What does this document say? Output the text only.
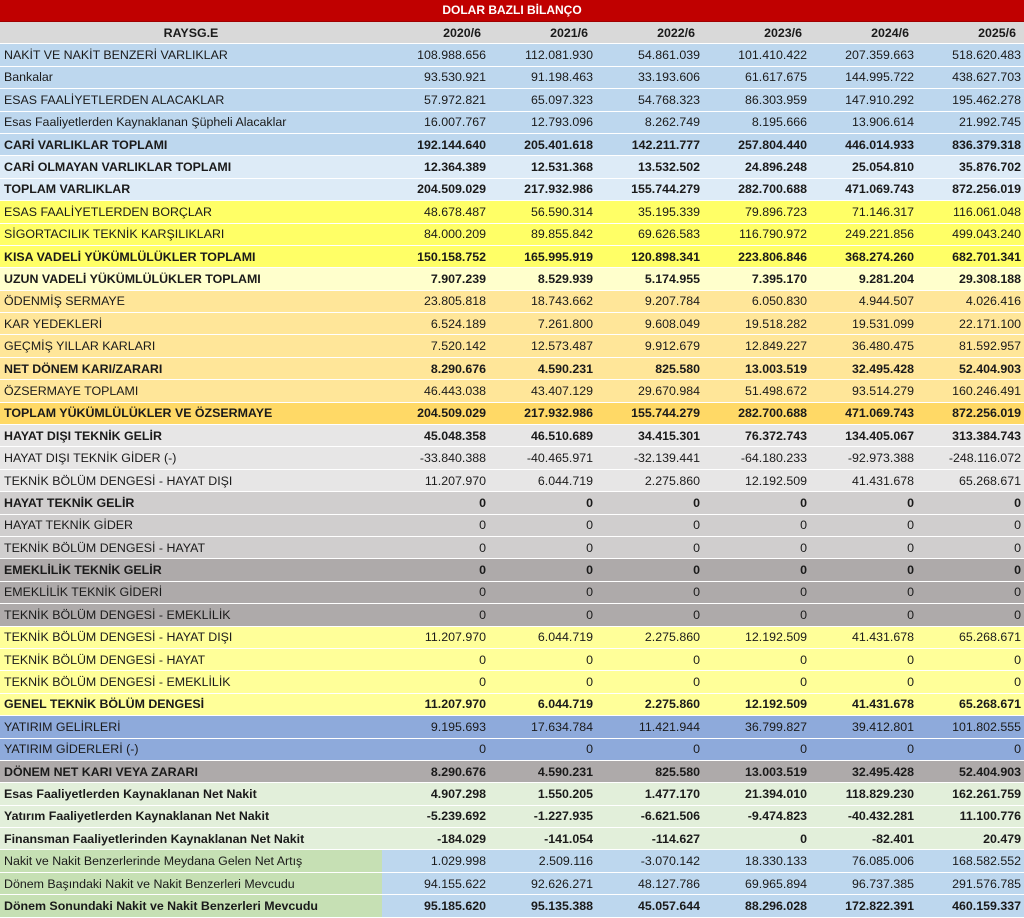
DOLAR BAZLI BİLANÇO
RAYSG.E	2020/6	2021/6	2022/6	2023/6	2024/6	2025/6
NAKİT VE NAKİT BENZERİ VARLIKLAR	108.988.656	112.081.930	54.861.039	101.410.422	207.359.663	518.620.483
Bankalar	93.530.921	91.198.463	33.193.606	61.617.675	144.995.722	438.627.703
ESAS FAALİYETLERDEN ALACAKLAR	57.972.821	65.097.323	54.768.323	86.303.959	147.910.292	195.462.278
Esas Faaliyetlerden Kaynaklanan Şüpheli Alacaklar	16.007.767	12.793.096	8.262.749	8.195.666	13.906.614	21.992.745
CARİ VARLIKLAR TOPLAMI	192.144.640	205.401.618	142.211.777	257.804.440	446.014.933	836.379.318
CARİ OLMAYAN VARLIKLAR TOPLAMI	12.364.389	12.531.368	13.532.502	24.896.248	25.054.810	35.876.702
TOPLAM VARLIKLAR	204.509.029	217.932.986	155.744.279	282.700.688	471.069.743	872.256.019
ESAS FAALİYETLERDEN BORÇLAR	48.678.487	56.590.314	35.195.339	79.896.723	71.146.317	116.061.048
SİGORTACILIK TEKNİK KARŞILIKLARI	84.000.209	89.855.842	69.626.583	116.790.972	249.221.856	499.043.240
KISA VADELİ YÜKÜMLÜLÜKLER TOPLAMI	150.158.752	165.995.919	120.898.341	223.806.846	368.274.260	682.701.341
UZUN VADELİ YÜKÜMLÜLÜKLER TOPLAMI	7.907.239	8.529.939	5.174.955	7.395.170	9.281.204	29.308.188
ÖDENMİŞ SERMAYE	23.805.818	18.743.662	9.207.784	6.050.830	4.944.507	4.026.416
KAR YEDEKLERİ	6.524.189	7.261.800	9.608.049	19.518.282	19.531.099	22.171.100
GEÇMİŞ YILLAR KARLARI	7.520.142	12.573.487	9.912.679	12.849.227	36.480.475	81.592.957
NET DÖNEM KARI/ZARARI	8.290.676	4.590.231	825.580	13.003.519	32.495.428	52.404.903
ÖZSERMAYE TOPLAMI	46.443.038	43.407.129	29.670.984	51.498.672	93.514.279	160.246.491
TOPLAM YÜKÜMLÜLÜKLER VE ÖZSERMAYE	204.509.029	217.932.986	155.744.279	282.700.688	471.069.743	872.256.019
HAYAT DIŞI TEKNİK GELİR	45.048.358	46.510.689	34.415.301	76.372.743	134.405.067	313.384.743
HAYAT DIŞI TEKNİK GİDER (-)	-33.840.388	-40.465.971	-32.139.441	-64.180.233	-92.973.388	-248.116.072
TEKNİK BÖLÜM DENGESİ - HAYAT DIŞI	11.207.970	6.044.719	2.275.860	12.192.509	41.431.678	65.268.671
HAYAT TEKNİK GELİR	0	0	0	0	0	0
HAYAT TEKNİK GİDER	0	0	0	0	0	0
TEKNİK BÖLÜM DENGESİ - HAYAT	0	0	0	0	0	0
EMEKLİLİK TEKNİK GELİR	0	0	0	0	0	0
EMEKLİLİK TEKNİK GİDERİ	0	0	0	0	0	0
TEKNİK BÖLÜM DENGESİ - EMEKLİLİK	0	0	0	0	0	0
TEKNİK BÖLÜM DENGESİ - HAYAT DIŞI	11.207.970	6.044.719	2.275.860	12.192.509	41.431.678	65.268.671
TEKNİK BÖLÜM DENGESİ - HAYAT	0	0	0	0	0	0
TEKNİK BÖLÜM DENGESİ - EMEKLİLİK	0	0	0	0	0	0
GENEL TEKNİK BÖLÜM DENGESİ	11.207.970	6.044.719	2.275.860	12.192.509	41.431.678	65.268.671
YATIRIM GELİRLERİ	9.195.693	17.634.784	11.421.944	36.799.827	39.412.801	101.802.555
YATIRIM GİDERLERİ (-)	0	0	0	0	0	0
DÖNEM NET KARI VEYA ZARARI	8.290.676	4.590.231	825.580	13.003.519	32.495.428	52.404.903
Esas Faaliyetlerden Kaynaklanan Net Nakit	4.907.298	1.550.205	1.477.170	21.394.010	118.829.230	162.261.759
Yatırım Faaliyetlerden Kaynaklanan Net Nakit	-5.239.692	-1.227.935	-6.621.506	-9.474.823	-40.432.281	11.100.776
Finansman Faaliyetlerinden Kaynaklanan Net Nakit	-184.029	-141.054	-114.627	0	-82.401	20.479
Nakit ve Nakit Benzerlerinde Meydana Gelen Net Artış	1.029.998	2.509.116	-3.070.142	18.330.133	76.085.006	168.582.552
Dönem Başındaki Nakit ve Nakit Benzerleri Mevcudu	94.155.622	92.626.271	48.127.786	69.965.894	96.737.385	291.576.785
Dönem Sonundaki Nakit ve Nakit Benzerleri Mevcudu	95.185.620	95.135.388	45.057.644	88.296.028	172.822.391	460.159.337
